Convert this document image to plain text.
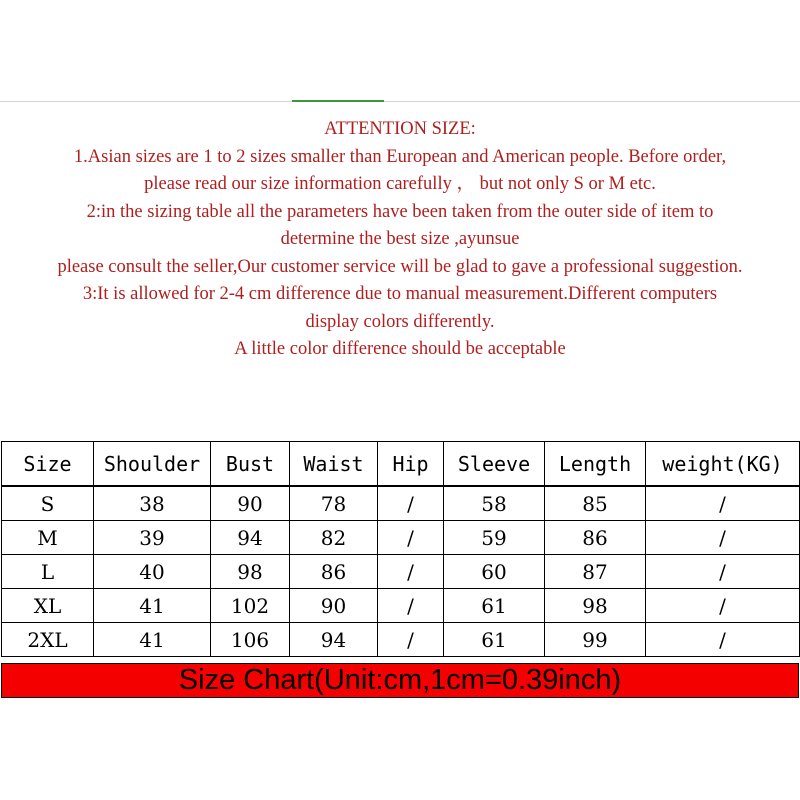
ATTENTION SIZE:
1.Asian sizes are 1 to 2 sizes smaller than European and American people. Before order,
please read our size information carefully ， but not only S or M etc.
2:in the sizing table all the parameters have been taken from the outer side of item to
determine the best size ,ayunsue
please consult the seller,Our customer service will be glad to gave a professional suggestion.
3:It is allowed for 2-4 cm difference due to manual measurement.Different computers
display colors differently.
A little color difference should be acceptable
Size	Shoulder	Bust	Waist	Hip	Sleeve	Length	weight(KG)
S	38	90	78	/	58	85	/
M	39	94	82	/	59	86	/
L	40	98	86	/	60	87	/
XL	41	102	90	/	61	98	/
2XL	41	106	94	/	61	99	/
Size Chart(Unit:cm,1cm=0.39inch)
